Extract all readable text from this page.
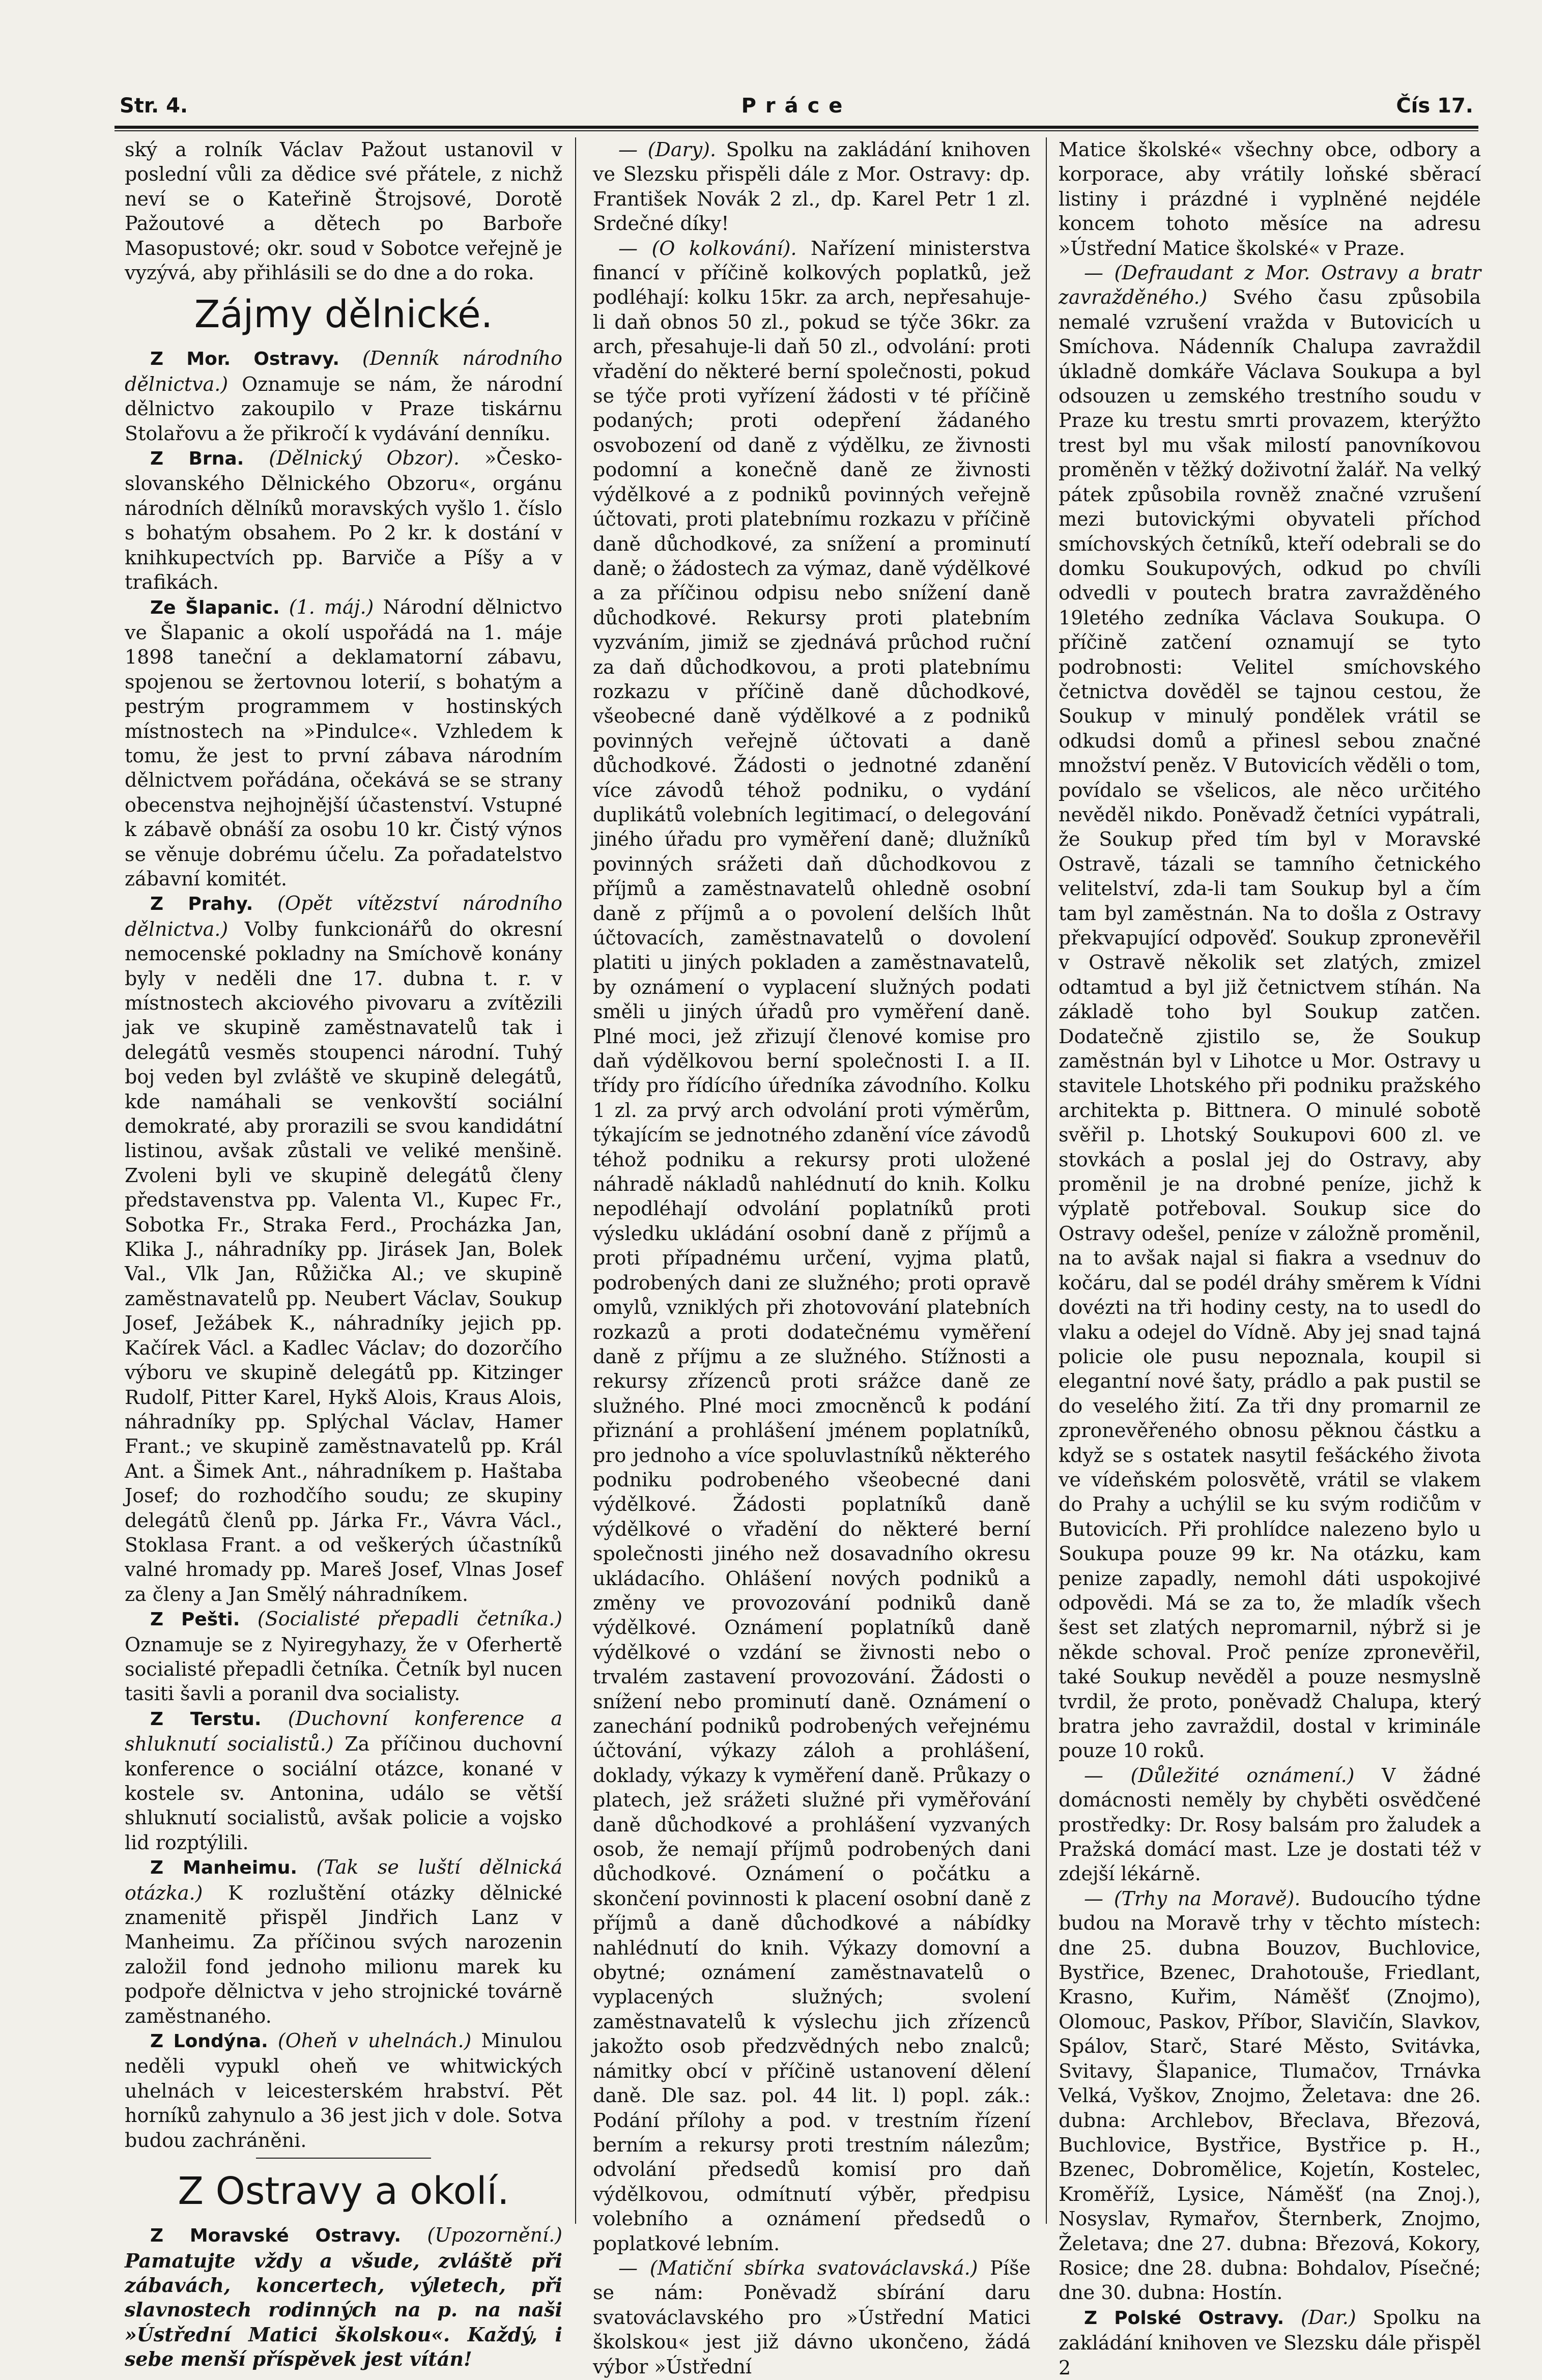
Str. 4.	Práce	Čís 17.

ský a rolník Václav Pažout ustanovil v poslední vůli za dědice své přátele, z nichž neví se o Kateřině Štrojsové, Dorotě Pažoutové a dětech po Barboře Masopustové; okr. soud v Sobotce veřejně je vyzývá, aby přihlásili se do dne a do roka.

Zájmy dělnické.

Z Mor. Ostravy. (Denník národního dělnictva.) Oznamuje se nám, že národní dělnictvo zakoupilo v Praze tiskárnu Stolařovu a že přikročí k vydávání denníku.

Z Brna. (Dělnický Obzor). »Česko-slovanského Dělnického Obzoru«, orgánu národních dělníků moravských vyšlo 1. číslo s bohatým obsahem. Po 2 kr. k dostání v knihkupectvích pp. Barviče a Píšy a v trafikách.

Ze Šlapanic. (1. máj.) Národní dělnictvo ve Šlapanic a okolí uspořádá na 1. máje 1898 taneční a deklamatorní zábavu, spojenou se žertovnou loterií, s bohatým a pestrým programmem v hostinských místnostech na »Pindulce«. Vzhledem k tomu, že jest to první zábava národním dělnictvem pořádána, očekává se se strany obecenstva nejhojnější účastenství. Vstupné k zábavě obnáší za osobu 10 kr. Čistý výnos se věnuje dobrému účelu. Za pořadatelstvo zábavní komitét.

Z Prahy. (Opět vítězství národního dělnictva.) Volby funkcionářů do okresní nemocenské pokladny na Smíchově konány byly v neděli dne 17. dubna t. r. v místnostech akciového pivovaru a zvítězili jak ve skupině zaměstnavatelů tak i delegátů vesměs stoupenci národní. Tuhý boj veden byl zvláště ve skupině delegátů, kde namáhali se venkovští sociální demokraté, aby prorazili se svou kandidátní listinou, avšak zůstali ve veliké menšině. Zvoleni byli ve skupině delegátů členy představenstva pp. Valenta Vl., Kupec Fr., Sobotka Fr., Straka Ferd., Procházka Jan, Klika J., náhradníky pp. Jirásek Jan, Bolek Val., Vlk Jan, Růžička Al.; ve skupině zaměstnavatelů pp. Neubert Václav, Soukup Josef, Ježábek K., náhradníky jejich pp. Kačírek Václ. a Kadlec Václav; do dozorčího výboru ve skupině delegátů pp. Kitzinger Rudolf, Pitter Karel, Hykš Alois, Kraus Alois, náhradníky pp. Splýchal Václav, Hamer Frant.; ve skupině zaměstnavatelů pp. Král Ant. a Šimek Ant., náhradníkem p. Haštaba Josef; do rozhodčího soudu; ze skupiny delegátů členů pp. Járka Fr., Vávra Václ., Stoklasa Frant. a od veškerých účastníků valné hromady pp. Mareš Josef, Vlnas Josef za členy a Jan Smělý náhradníkem.

Z Pešti. (Socialisté přepadli četníka.) Oznamuje se z Nyiregyhazy, že v Oferhertě socialisté přepadli četníka. Četník byl nucen tasiti šavli a poranil dva socialisty.

Z Terstu. (Duchovní konference a shluknutí socialistů.) Za příčinou duchovní konference o sociální otázce, konané v kostele sv. Antonina, událo se větší shluknutí socialistů, avšak policie a vojsko lid rozptýlili.

Z Manheimu. (Tak se luští dělnická otázka.) K rozluštění otázky dělnické znamenitě přispěl Jindřich Lanz v Manheimu. Za příčinou svých narozenin založil fond jednoho milionu marek ku podpoře dělnictva v jeho strojnické továrně zaměstnaného.

Z Londýna. (Oheň v uhelnách.) Minulou neděli vypukl oheň ve whitwických uhelnách v leicesterském hrabství. Pět horníků zahynulo a 36 jest jich v dole. Sotva budou zachráněni.

Z Ostravy a okolí.

Z Moravské Ostravy. (Upozornění.) Pamatujte vždy a všude, zvláště při zábavách, koncertech, výletech, při slavnostech rodinných na p. na naši »Ústřední Matici školskou«. Každý, i sebe menší příspěvek jest vítán!

— (Dary). Spolku na zakládání knihoven ve Slezsku přispěli dále z Mor. Ostravy: dp. František Novák 2 zl., dp. Karel Petr 1 zl. Srdečné díky!

— (O kolkování). Nařízení ministerstva financí v příčině kolkových poplatků, jež podléhají: kolku 15kr. za arch, nepřesahuje-li daň obnos 50 zl., pokud se týče 36kr. za arch, přesahuje-li daň 50 zl., odvolání: proti vřadění do některé berní společnosti, pokud se týče proti vyřízení žádosti v té příčině podaných; proti odepření žádaného osvobození od daně z výdělku, ze živnosti podomní a konečně daně ze živnosti výdělkové a z podniků povinných veřejně účtovati, proti platebnímu rozkazu v příčině daně důchodkové, za snížení a prominutí daně; o žádostech za výmaz, daně výdělkové a za příčinou odpisu nebo snížení daně důchodkové. Rekursy proti platebním vyzváním, jimiž se zjednává průchod ruční za daň důchodkovou, a proti platebnímu rozkazu v příčině daně důchodkové, všeobecné daně výdělkové a z podniků povinných veřejně účtovati a daně důchodkové. Žádosti o jednotné zdanění více závodů téhož podniku, o vydání duplikátů volebních legitimací, o delegování jiného úřadu pro vyměření daně; dlužníků povinných srážeti daň důchodkovou z příjmů a zaměstnavatelů ohledně osobní daně z příjmů a o povolení delších lhůt účtovacích, zaměstnavatelů o dovolení platiti u jiných pokladen a zaměstnavatelů, by oznámení o vyplacení služných podati směli u jiných úřadů pro vyměření daně. Plné moci, jež zřizují členové komise pro daň výdělkovou berní společnosti I. a II. třídy pro řídícího úředníka závodního. Kolku 1 zl. za prvý arch odvolání proti výměrům, týkajícím se jednotného zdanění více závodů téhož podniku a rekursy proti uložené náhradě nákladů nahlédnutí do knih. Kolku nepodléhají odvolání poplatníků proti výsledku ukládání osobní daně z příjmů a proti případnému určení, vyjma platů, podrobených dani ze služného; proti opravě omylů, vzniklých při zhotovování platebních rozkazů a proti dodatečnému vyměření daně z příjmu a ze služného. Stížnosti a rekursy zřízenců proti srážce daně ze služného. Plné moci zmocněnců k podání přiznání a prohlášení jménem poplatníků, pro jednoho a více spoluvlastníků některého podniku podrobeného všeobecné dani výdělkové. Žádosti poplatníků daně výdělkové o vřadění do některé berní společnosti jiného než dosavadního okresu ukládacího. Ohlášení nových podniků a změny ve provozování podniků daně výdělkové. Oznámení poplatníků daně výdělkové o vzdání se živnosti nebo o trvalém zastavení provozování. Žádosti o snížení nebo prominutí daně. Oznámení o zanechání podniků podrobených veřejnému účtování, výkazy záloh a prohlášení, doklady, výkazy k vyměření daně. Průkazy o platech, jež srážeti služné při vyměřování daně důchodkové a prohlášení vyzvaných osob, že nemají příjmů podrobených dani důchodkové. Oznámení o počátku a skončení povinnosti k placení osobní daně z příjmů a daně důchodkové a nábídky nahlédnutí do knih. Výkazy domovní a obytné; oznámení zaměstnavatelů o vyplacených služných; svolení zaměstnavatelů k výslechu jich zřízenců jakožto osob předzvědných nebo znalců; námitky obcí v příčině ustanovení dělení daně. Dle saz. pol. 44 lit. l) popl. zák.: Podání přílohy a pod. v trestním řízení berním a rekursy proti trestním nálezům; odvolání předsedů komisí pro daň výdělkovou, odmítnutí výběr, předpisu volebního a oznámení předsedů o poplatkové lebním.

— (Matiční sbírka svatováclavská.) Píše se nám: Poněvadž sbírání daru svatováclavského pro »Ústřední Matici školskou« jest již dávno ukončeno, žádá výbor »Ústřední

Matice školské« všechny obce, odbory a korporace, aby vrátily loňské sběrací listiny i prázdné i vyplněné nejdéle koncem tohoto měsíce na adresu »Ústřední Matice školské« v Praze.

— (Defraudant z Mor. Ostravy a bratr zavražděného.) Svého času způsobila nemalé vzrušení vražda v Butovicích u Smíchova. Nádenník Chalupa zavraždil úkladně domkáře Václava Soukupa a byl odsouzen u zemského trestního soudu v Praze ku trestu smrti provazem, kterýžto trest byl mu však milostí panovníkovou proměněn v těžký doživotní žalář. Na velký pátek způsobila rovněž značné vzrušení mezi butovickými obyvateli příchod smíchovských četníků, kteří odebrali se do domku Soukupových, odkud po chvíli odvedli v poutech bratra zavražděného 19letého zedníka Václava Soukupa. O příčině zatčení oznamují se tyto podrobnosti: Velitel smíchovského četnictva dověděl se tajnou cestou, že Soukup v minulý pondělek vrátil se odkudsi domů a přinesl sebou značné množství peněz. V Butovicích věděli o tom, povídalo se všelicos, ale něco určitého nevěděl nikdo. Poněvadž četníci vypátrali, že Soukup před tím byl v Moravské Ostravě, tázali se tamního četnického velitelství, zda-li tam Soukup byl a čím tam byl zaměstnán. Na to došla z Ostravy překvapující odpověď. Soukup zpronevěřil v Ostravě několik set zlatých, zmizel odtamtud a byl již četnictvem stíhán. Na základě toho byl Soukup zatčen. Dodatečně zjistilo se, že Soukup zaměstnán byl v Lihotce u Mor. Ostravy u stavitele Lhotského při podniku pražského architekta p. Bittnera. O minulé sobotě svěřil p. Lhotský Soukupovi 600 zl. ve stovkách a poslal jej do Ostravy, aby proměnil je na drobné peníze, jichž k výplatě potřeboval. Soukup sice do Ostravy odešel, peníze v záložně proměnil, na to avšak najal si fiakra a vsednuv do kočáru, dal se podél dráhy směrem k Vídni dovézti na tři hodiny cesty, na to usedl do vlaku a odejel do Vídně. Aby jej snad tajná policie ole pusu nepoznala, koupil si elegantní nové šaty, prádlo a pak pustil se do veselého žití. Za tři dny promarnil ze zpronevěřeného obnosu pěknou částku a když se s ostatek nasytil fešáckého života ve vídeňském polosvětě, vrátil se vlakem do Prahy a uchýlil se ku svým rodičům v Butovicích. Při prohlídce nalezeno bylo u Soukupa pouze 99 kr. Na otázku, kam penize zapadly, nemohl dáti uspokojivé odpovědi. Má se za to, že mladík všech šest set zlatých nepromarnil, nýbrž si je někde schoval. Proč peníze zpronevěřil, také Soukup nevěděl a pouze nesmyslně tvrdil, že proto, poněvadž Chalupa, který bratra jeho zavraždil, dostal v kriminále pouze 10 roků.

— (Důležité oznámení.) V žádné domácnosti neměly by chyběti osvědčené prostředky: Dr. Rosy balsám pro žaludek a Pražská domácí mast. Lze je dostati též v zdejší lékárně.

— (Trhy na Moravě). Budoucího týdne budou na Moravě trhy v těchto místech: dne 25. dubna Bouzov, Buchlovice, Bystřice, Bzenec, Drahotouše, Friedlant, Krasno, Kuřim, Náměšť (Znojmo), Olomouc, Paskov, Příbor, Slavičín, Slavkov, Spálov, Starč, Staré Město, Svitávka, Svitavy, Šlapanice, Tlumačov, Trnávka Velká, Vyškov, Znojmo, Želetava: dne 26. dubna: Archlebov, Břeclava, Březová, Buchlovice, Bystřice, Bystřice p. H., Bzenec, Dobromělice, Kojetín, Kostelec, Kroměříž, Lysice, Náměšť (na Znoj.), Nosyslav, Rymařov, Šternberk, Znojmo, Želetava; dne 27. dubna: Březová, Kokory, Rosice; dne 28. dubna: Bohdalov, Písečné; dne 30. dubna: Hostín.

Z Polské Ostravy. (Dar.) Spolku na zakládání knihoven ve Slezsku dále přispěl 2
